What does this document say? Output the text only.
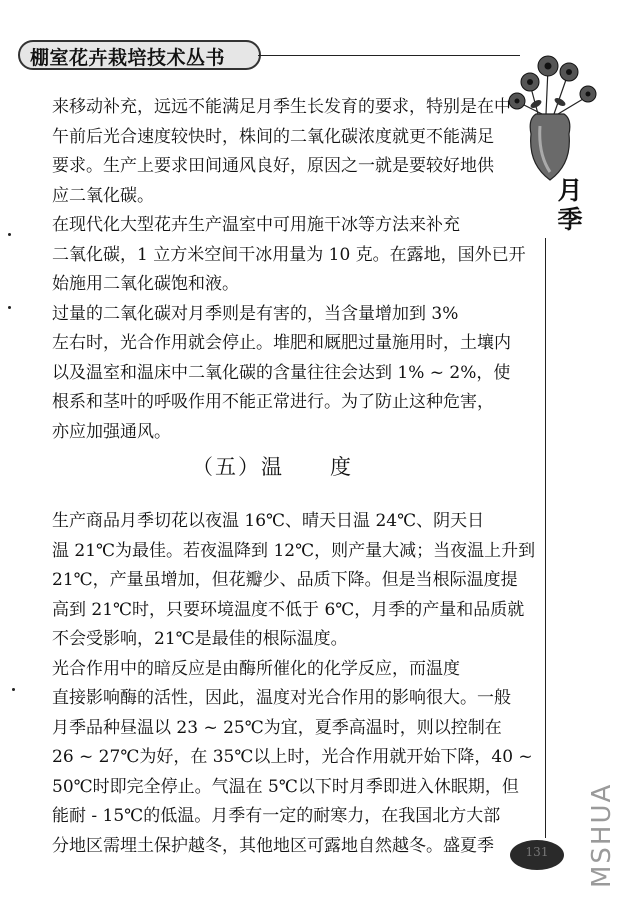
棚室花卉栽培技术丛书
月季
来移动补充，远远不能满足月季生长发育的要求，特别是在中
午前后光合速度较快时，株间的二氧化碳浓度就更不能满足
要求。生产上要求田间通风良好，原因之一就是要较好地供
应二氧化碳。
在现代化大型花卉生产温室中可用施干冰等方法来补充
二氧化碳，1 立方米空间干冰用量为 10 克。在露地，国外已开
始施用二氧化碳饱和液。
过量的二氧化碳对月季则是有害的，当含量增加到 3%
左右时，光合作用就会停止。堆肥和厩肥过量施用时，土壤内
以及温室和温床中二氧化碳的含量往往会达到 1% ~ 2%，使
根系和茎叶的呼吸作用不能正常进行。为了防止这种危害，
亦应加强通风。
（五）温　　度
生产商品月季切花以夜温 16℃、晴天日温 24℃、阴天日
温 21℃为最佳。若夜温降到 12℃，则产量大减；当夜温上升到
21℃，产量虽增加，但花瓣少、品质下降。但是当根际温度提
高到 21℃时，只要环境温度不低于 6℃，月季的产量和品质就
不会受影响，21℃是最佳的根际温度。
光合作用中的暗反应是由酶所催化的化学反应，而温度
直接影响酶的活性，因此，温度对光合作用的影响很大。一般
月季品种昼温以 23 ~ 25℃为宜，夏季高温时，则以控制在
26 ~ 27℃为好，在 35℃以上时，光合作用就开始下降，40 ~
50℃时即完全停止。气温在 5℃以下时月季即进入休眠期，但
能耐 - 15℃的低温。月季有一定的耐寒力，在我国北方大部
分地区需埋土保护越冬，其他地区可露地自然越冬。盛夏季	131	MSHUA
